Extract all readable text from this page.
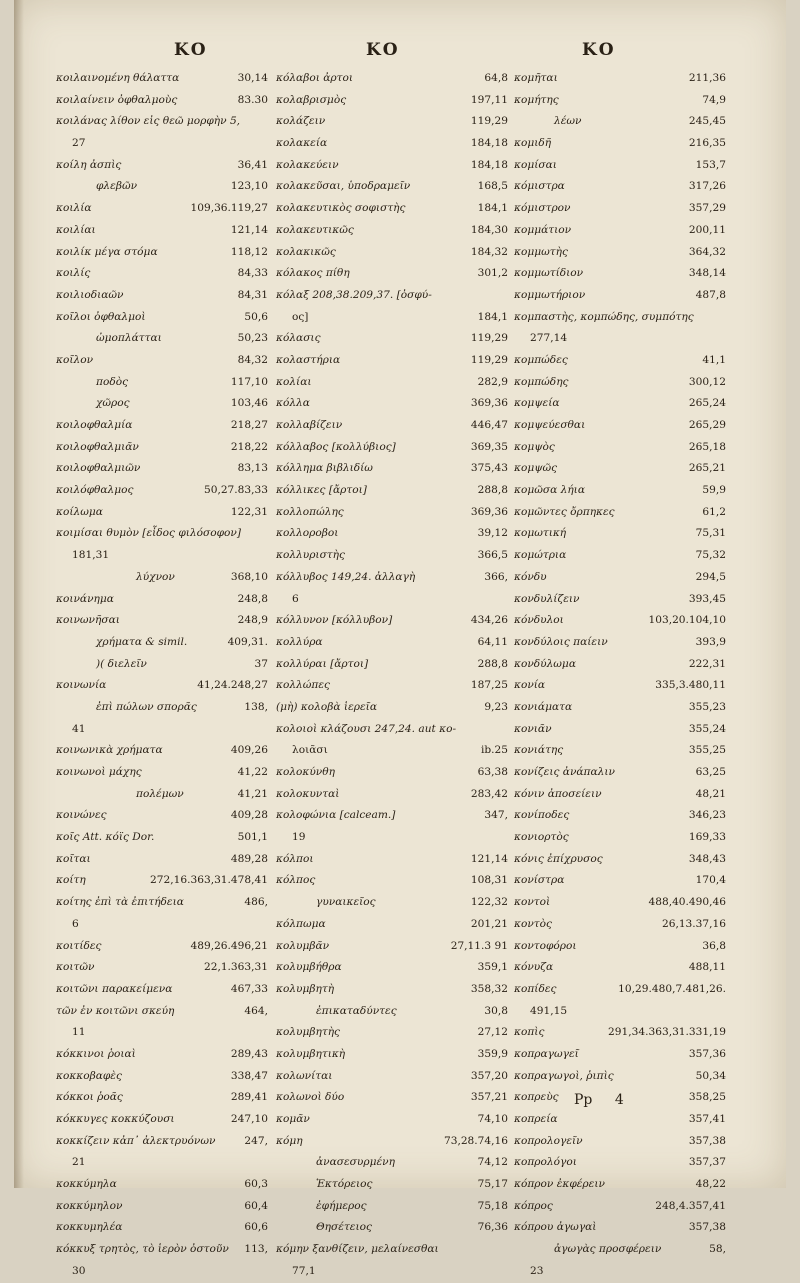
ΚΟ	ΚΟ	ΚΟ
κοιλαινομένη θάλαττα	30,14
κοιλαίνειν ὀφθαλμοὺς	83.30
κοιλάνας λίθον εἰς θεῶ μορφὴν 5,
27
κοίλη ἀσπὶς	36,41
φλεβῶν	123,10
κοιλία	109,36.119,27
κοιλίαι	121,14
κοιλίκ μέγα στόμα	118,12
κοιλίς	84,33
κοιλιοδιαῶν	84,31
κοῖλοι ὀφθαλμοὶ	50,6
ὠμοπλάτται	50,23
κοῖλον	84,32
ποδὸς	117,10
χῶρος	103,46
κοιλοφθαλμία	218,27
κοιλοφθαλμιᾶν	218,22
κοιλοφθαλμιῶν	83,13
κοιλόφθαλμος	50,27.83,33
κοίλωμα	122,31
κοιμίσαι θυμὸν [εἶδος φιλόσοφον]
181,31
λύχνον	368,10
κοινάνημα	248,8
κοινωνῆσαι	248,9
χρήματα & simil.	409,31.
)( διελεῖν	37
κοινωνία	41,24.248,27
ἐπὶ πώλων σπορᾶς	138,
41
κοινωνικὰ χρήματα	409,26
κοινωνοὶ μάχης	41,22
πολέμων	41,21
κοινώνες	409,28
κοῖς Att. κόϊς Dor.	501,1
κοῖται	489,28
κοίτη	272,16.363,31.478,41
κοίτης ἐπὶ τὰ ἐπιτήδεια	486,
6
κοιτίδες	489,26.496,21
κοιτῶν	22,1.363,31
κοιτῶνι παρακείμενα	467,33
τῶν ἐν κοιτῶνι σκεύη	464,
11
κόκκινοι ῥοιαὶ	289,43
κοκκοβαφὲς	338,47
κόκκοι ῥοᾶς	289,41
κόκκυγες κοκκύζουσι	247,10
κοκκίζειν κἀπ᾽ ἀλεκτρυόνων	247,
21
κοκκύμηλα	60,3
κοκκύμηλον	60,4
κοκκυμηλέα	60,6
κόκκυξ τρητὸς, τὸ ἱερὸν ὀστοῦν 113,
30
κόλαβοι ἀρτοι	64,8
κολαβρισμὸς	197,11
κολάζειν	119,29
κολακεία	184,18
κολακεύειν	184,18
κολακεῦσαι, ὑποδραμεῖν	168,5
κολακευτικὸς σοφιστὴς	184,1
κολακευτικῶς	184,30
κολακικῶς	184,32
κόλακος πίθη	301,2
κόλαξ 208,38.209,37. [ὀσφύ-
ος]	184,1
κόλασις	119,29
κολαστήρια	119,29
κολίαι	282,9
κόλλα	369,36
κολλαβίζειν	446,47
κόλλαβος [κολλύβιος]	369,35
κόλλημα βιβλιδίω	375,43
κόλλικες [ἄρτοι]	288,8
κολλοπώλης	369,36
κολλοροβοι	39,12
κολλυριστὴς	366,5
κόλλυβος 149,24. ἀλλαγὴ	366,
6
κόλλυνον [κόλλυβον]	434,26
κολλύρα	64,11
κολλύραι [ἄρτοι]	288,8
κολλώπες	187,25
(μὴ) κολοβὰ ἱερεῖα	9,23
κολοιοὶ κλάζουσι 247,24. aut κο-
λοιᾶσι	ib.25
κολοκύνθη	63,38
κολοκυνταὶ	283,42
κολοφώνια [calceam.]	347,
19
κόλποι	121,14
κόλπος	108,31
γυναικεῖος	122,32
κόλπωμα	201,21
κολυμβᾶν	27,11.3 91
κολυμβήθρα	359,1
κολυμβητὴ	358,32
ἐπικαταδύντες	30,8
κολυμβητὴς	27,12
κολυμβητικὴ	359,9
κολωνίται	357,20
κολωνοὶ δύο	357,21
κομᾶν	74,10
κόμη	73,28.74,16
ἀνασεσυρμένη	74,12
Ἑκτόρειος	75,17
ἐφήμερος	75,18
Θησέτειος	76,36
κόμην ξανθίζειν, μελαίνεσθαι
77,1
κομῆται	211,36
κομήτης	74,9
λέων	245,45
κομιδῆ	216,35
κομίσαι	153,7
κόμιστρα	317,26
κόμιστρον	357,29
κομμάτιον	200,11
κομμωτὴς	364,32
κομμωτίδιον	348,14
κομμωτήριον	487,8
κομπαστὴς, κομπώδης, συμπότης
277,14
κομπώδες	41,1
κομπώδης	300,12
κομψεία	265,24
κομψεύεσθαι	265,29
κομψὸς	265,18
κομψῶς	265,21
κομῶσα λήια	59,9
κομῶντες ὄρπηκες	61,2
κομωτική	75,31
κομώτρια	75,32
κόνδυ	294,5
κονδυλίζειν	393,45
κόνδυλοι	103,20.104,10
κονδύλοις παίειν	393,9
κονδύλωμα	222,31
κονία	335,3.480,11
κονιάματα	355,23
κονιᾶν	355,24
κονιάτης	355,25
κονίζεις ἀνάπαλιν	63,25
κόνιν ἀποσείειν	48,21
κονίποδες	346,23
κονιορτὸς	169,33
κόνις ἐπίχρυσος	348,43
κονίστρα	170,4
κοντοὶ	488,40.490,46
κοντὸς	26,13.37,16
κοντοφόροι	36,8
κόνυζα	488,11
κοπίδες	10,29.480,7.481,26.
491,15
κοπὶς	291,34.363,31.331,19
κοπραγωγεῖ	357,36
κοπραγωγοὶ, ῥιπὶς	50,34
κοπρεὺς	358,25
κοπρεία	357,41
κοπρολογεῖν	357,38
κοπρολόγοι	357,37
κόπρον ἐκφέρειν	48,22
κόπρος	248,4.357,41
κόπρου ἀγωγαὶ	357,38
ἀγωγὰς προσφέρειν	58,
23
Pp 4
